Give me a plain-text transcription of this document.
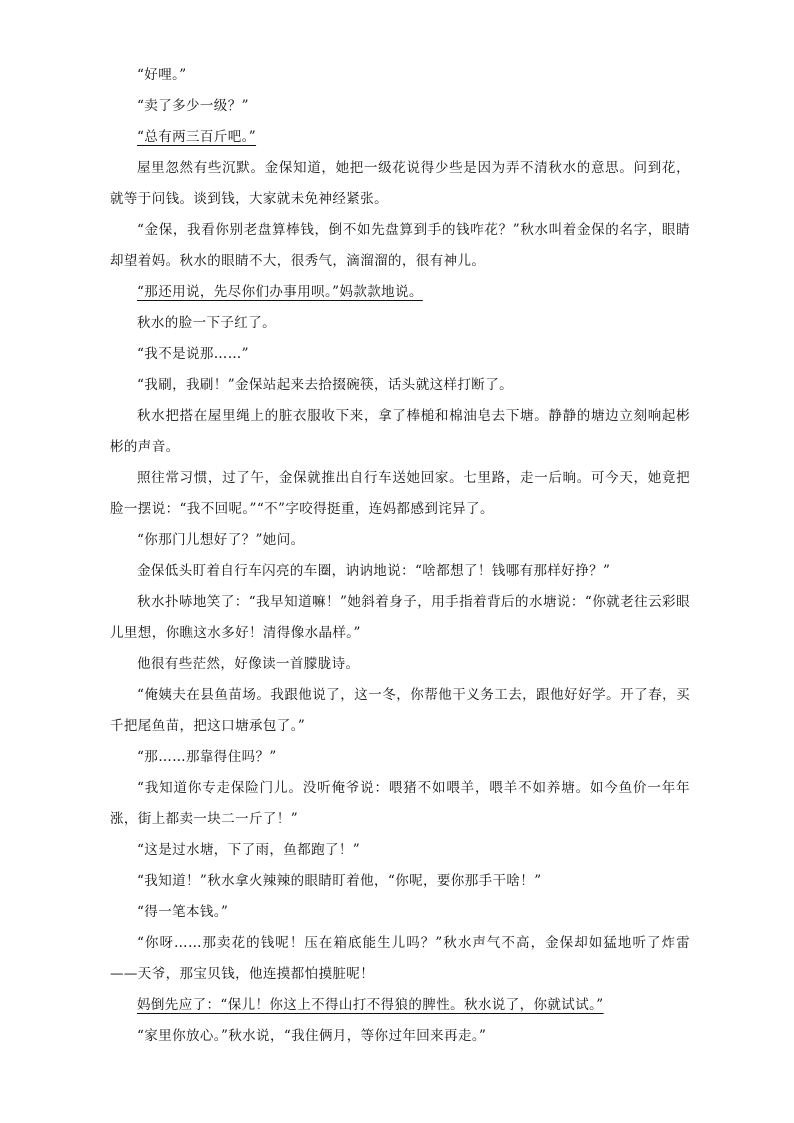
“好哩。”

“卖了多少一级？”

“总有两三百斤吧。”

屋里忽然有些沉默。金保知道，她把一级花说得少些是因为弄不清秋水的意思。问到花，就等于问钱。谈到钱，大家就未免神经紧张。

“金保，我看你别老盘算棒钱，倒不如先盘算到手的钱咋花？”秋水叫着金保的名字，眼睛却望着妈。秋水的眼睛不大，很秀气，滴溜溜的，很有神儿。

“那还用说，先尽你们办事用呗。”妈款款地说。

秋水的脸一下子红了。

“我不是说那……”

“我刷，我刷！”金保站起来去拾掇碗筷，话头就这样打断了。

秋水把搭在屋里绳上的脏衣服收下来，拿了棒槌和棉油皂去下塘。静静的塘边立刻响起彬彬的声音。

照往常习惯，过了午，金保就推出自行车送她回家。七里路，走一后晌。可今天，她竟把脸一摆说：“我不回呢。”“不”字咬得挺重，连妈都感到诧异了。

“你那门儿想好了？”她问。

金保低头盯着自行车闪亮的车圈，讷讷地说：“啥都想了！钱哪有那样好挣？”

秋水扑哧地笑了：“我早知道嘛！”她斜着身子，用手指着背后的水塘说：“你就老往云彩眼儿里想，你瞧这水多好！清得像水晶样。”

他很有些茫然，好像读一首朦胧诗。

“俺姨夫在县鱼苗场。我跟他说了，这一冬，你帮他干义务工去，跟他好好学。开了春，买千把尾鱼苗，把这口塘承包了。”

“那……那靠得住吗？”

“我知道你专走保险门儿。没听俺爷说：喂猪不如喂羊，喂羊不如养塘。如今鱼价一年年涨，街上都卖一块二一斤了！”

“这是过水塘，下了雨，鱼都跑了！”

“我知道！”秋水拿火辣辣的眼睛盯着他，“你呢，要你那手干啥！”

“得一笔本钱。”

“你呀……那卖花的钱呢！压在箱底能生儿吗？”秋水声气不高，金保却如猛地听了炸雷——天爷，那宝贝钱，他连摸都怕摸脏呢！

妈倒先应了：“保儿！你这上不得山打不得狼的脾性。秋水说了，你就试试。”

“家里你放心。”秋水说，“我住俩月，等你过年回来再走。”
